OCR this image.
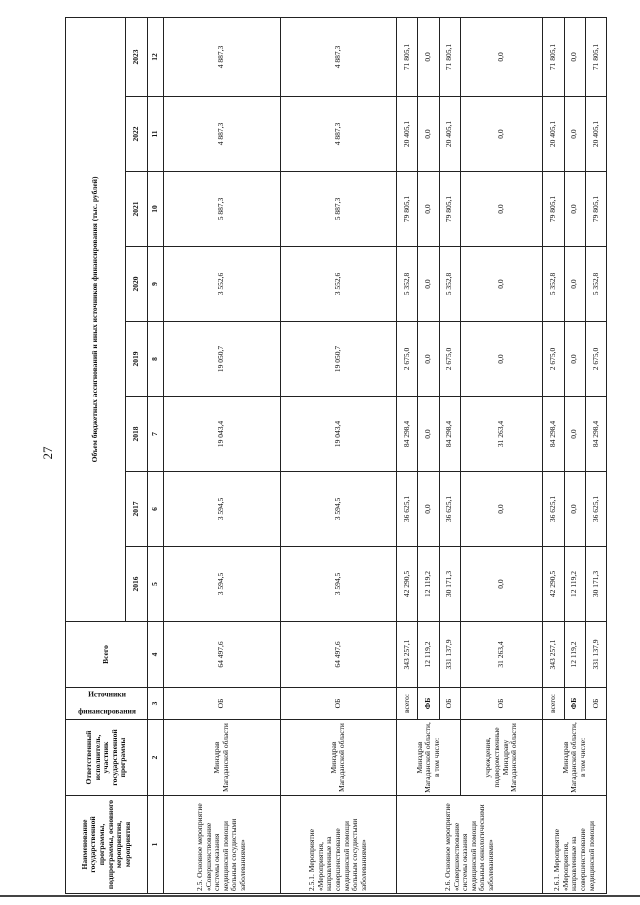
27
Наименование государственной программы, подпрограммы, основного мероприятия, мероприятия	Ответственный исполнитель, участник государственной программы	Источники

финансирования	Всего	Объем бюджетных ассигнований и иных источников финансирования (тыс. рублей)							
				2016	2017	2018	2019	2020	2021	2022	2023
1	2	3	4	5	6	7	8	9	10	11	12
2.5. Основное мероприятие «Совершенствование системы оказания медицинской помощи больным сосудистыми заболеваниями»	Минздрав Магаданской области	ОБ	64 497,6	3 594,5	3 594,5	19 043,4	19 050,7	3 552,6	5 887,3	4 887,3	4 887,3
2.5.1. Мероприятие «Мероприятия, направленные на совершенствование медицинской помощи больным сосудистыми заболеваниями»	Минздрав Магаданской области	ОБ	64 497,6	3 594,5	3 594,5	19 043,4	19 050,7	3 552,6	5 887,3	4 887,3	4 887,3
2.6. Основное мероприятие «Совершенствование системы оказания медицинской помощи больным онкологическими заболеваниями»	Минздрав Магаданской области, в том числе:	всего:	343 257,1	42 290,5	36 625,1	84 298,4	2 675,0	5 352,8	79 805,1	20 405,1	71 805,1
		ФБ	12 119,2	12 119,2	0,0	0,0	0,0	0,0	0,0	0,0	0,0
		ОБ	331 137,9	30 171,3	36 625,1	84 298,4	2 675,0	5 352,8	79 805,1	20 405,1	71 805,1
	учреждения, подведомственные Минздраву Магаданской области	ОБ	31 263,4	0,0	0,0	31 263,4	0,0	0,0	0,0	0,0	0,0
2.6.1. Мероприятие «Мероприятия, направленные на совершенствование медицинской помощи	Минздрав Магаданской области, в том числе:	всего:	343 257,1	42 290,5	36 625,1	84 298,4	2 675,0	5 352,8	79 805,1	20 405,1	71 805,1
		ФБ	12 119,2	12 119,2	0,0	0,0	0,0	0,0	0,0	0,0	0,0
		ОБ	331 137,9	30 171,3	36 625,1	84 298,4	2 675,0	5 352,8	79 805,1	20 405,1	71 805,1
